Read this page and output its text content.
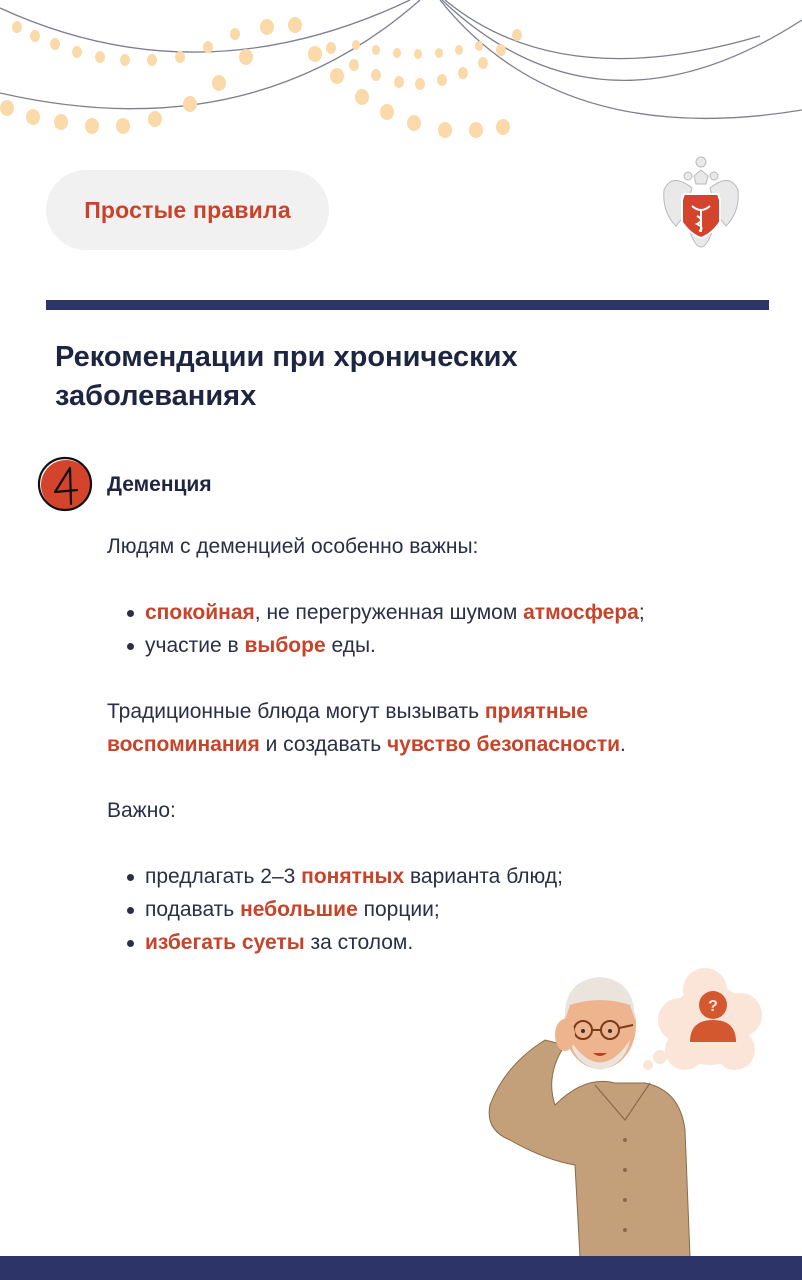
Простые правила
Рекомендации при хронических
заболеваниях
Деменция

Людям с деменцией особенно важны:

спокойная, не перегруженная шумом атмосфера;
участие в выборе еды.

Традиционные блюда могут вызывать приятные воспоминания и создавать чувство безопасности.

Важно:

предлагать 2–3 понятных варианта блюд;
подавать небольшие порции;
избегать суеты за столом.
?
